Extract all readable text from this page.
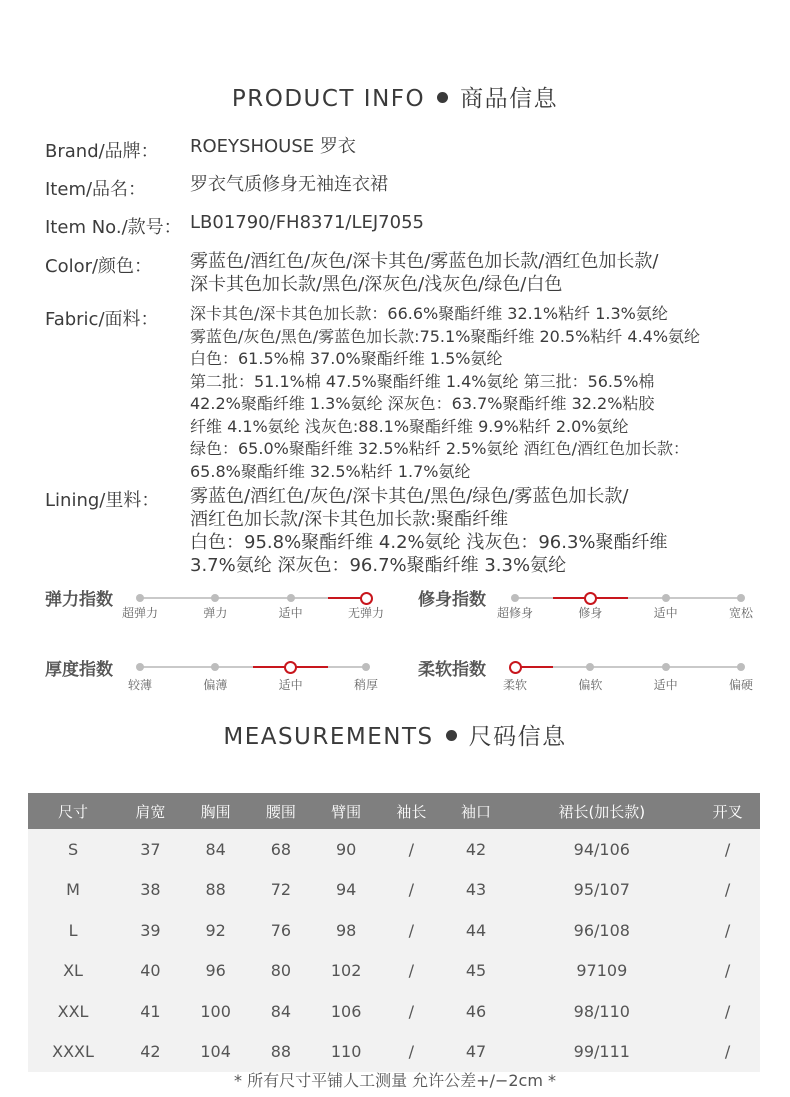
PRODUCT INFO 商品信息
Brand/品牌： ROEYSHOUSE 罗衣
Item/品名： 罗衣气质修身无袖连衣裙
Item No./款号： LB01790/FH8371/LEJ7055
Color/颜色： 雾蓝色/酒红色/灰色/深卡其色/雾蓝色加长款/酒红色加长款/
深卡其色加长款/黑色/深灰色/浅灰色/绿色/白色
Fabric/面料： 深卡其色/深卡其色加长款：66.6%聚酯纤维 32.1%粘纤 1.3%氨纶
雾蓝色/灰色/黑色/雾蓝色加长款:75.1%聚酯纤维 20.5%粘纤 4.4%氨纶
白色：61.5%棉 37.0%聚酯纤维 1.5%氨纶
第二批：51.1%棉 47.5%聚酯纤维 1.4%氨纶 第三批：56.5%棉
42.2%聚酯纤维 1.3%氨纶 深灰色：63.7%聚酯纤维 32.2%粘胶
纤维 4.1%氨纶 浅灰色:88.1%聚酯纤维 9.9%粘纤 2.0%氨纶
绿色：65.0%聚酯纤维 32.5%粘纤 2.5%氨纶 酒红色/酒红色加长款：
65.8%聚酯纤维 32.5%粘纤 1.7%氨纶
Lining/里料： 雾蓝色/酒红色/灰色/深卡其色/黑色/绿色/雾蓝色加长款/
酒红色加长款/深卡其色加长款:聚酯纤维
白色：95.8%聚酯纤维 4.2%氨纶 浅灰色：96.3%聚酯纤维
3.7%氨纶 深灰色：96.7%聚酯纤维 3.3%氨纶
弹力指数
超弹力	弹力	适中	无弹力
修身指数
超修身	修身	适中	宽松
厚度指数
较薄	偏薄	适中	稍厚
柔软指数
柔软	偏软	适中	偏硬
MEASUREMENTS 尺码信息
尺寸	肩宽	胸围	腰围	臂围	袖长	袖口	裙长(加长款)	开叉
S	37	84	68	90	/	42	94/106	/
M	38	88	72	94	/	43	95/107	/
L	39	92	76	98	/	44	96/108	/
XL	40	96	80	102	/	45	97109	/
XXL	41	100	84	106	/	46	98/110	/
XXXL	42	104	88	110	/	47	99/111	/
* 所有尺寸平铺人工测量 允许公差+/−2cm *
